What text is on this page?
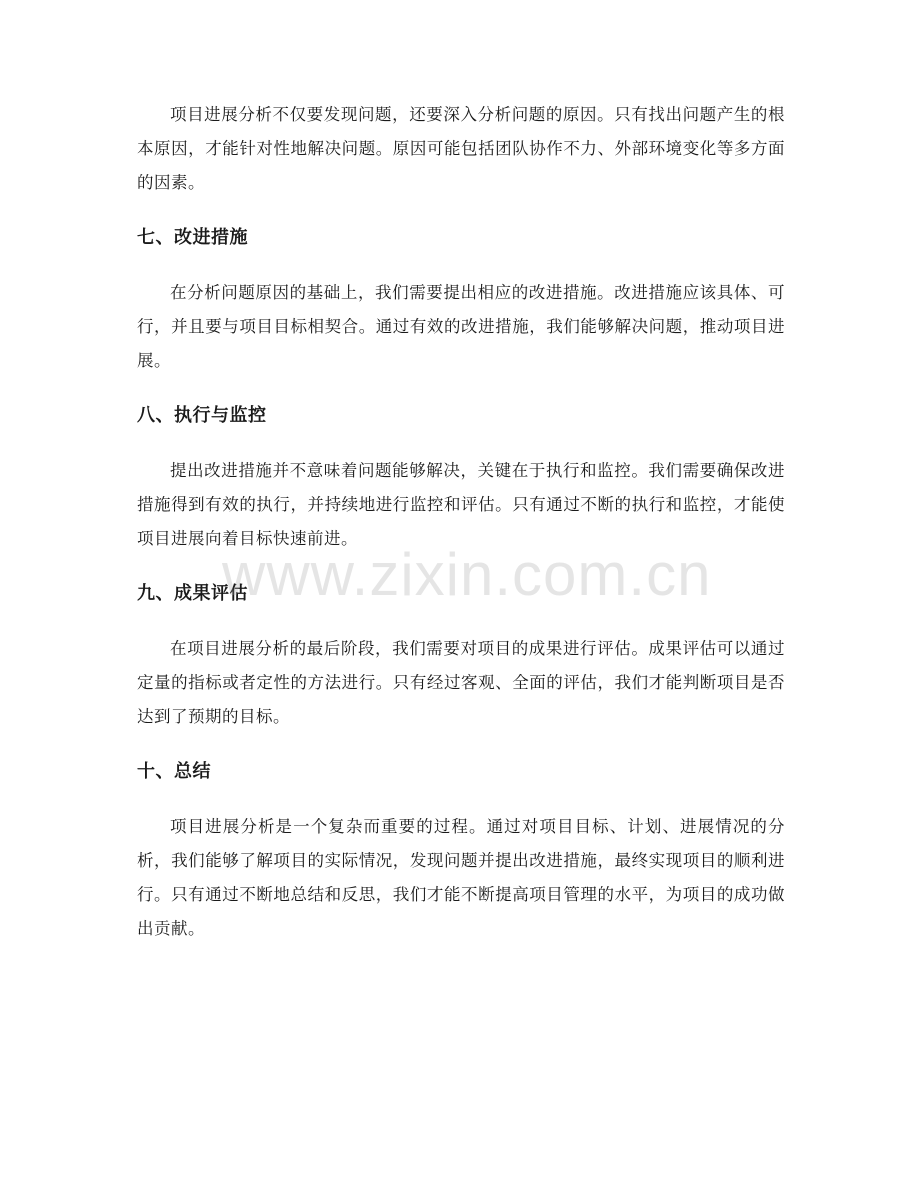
项目进展分析不仅要发现问题，还要深入分析问题的原因。只有找出问题产生的根本原因，才能针对性地解决问题。原因可能包括团队协作不力、外部环境变化等多方面的因素。

七、改进措施

在分析问题原因的基础上，我们需要提出相应的改进措施。改进措施应该具体、可行，并且要与项目目标相契合。通过有效的改进措施，我们能够解决问题，推动项目进展。

八、执行与监控

提出改进措施并不意味着问题能够解决，关键在于执行和监控。我们需要确保改进措施得到有效的执行，并持续地进行监控和评估。只有通过不断的执行和监控，才能使项目进展向着目标快速前进。

九、成果评估

在项目进展分析的最后阶段，我们需要对项目的成果进行评估。成果评估可以通过定量的指标或者定性的方法进行。只有经过客观、全面的评估，我们才能判断项目是否达到了预期的目标。

十、总结

项目进展分析是一个复杂而重要的过程。通过对项目目标、计划、进展情况的分析，我们能够了解项目的实际情况，发现问题并提出改进措施，最终实现项目的顺利进行。只有通过不断地总结和反思，我们才能不断提高项目管理的水平，为项目的成功做出贡献。

www.zixin.com.cn
